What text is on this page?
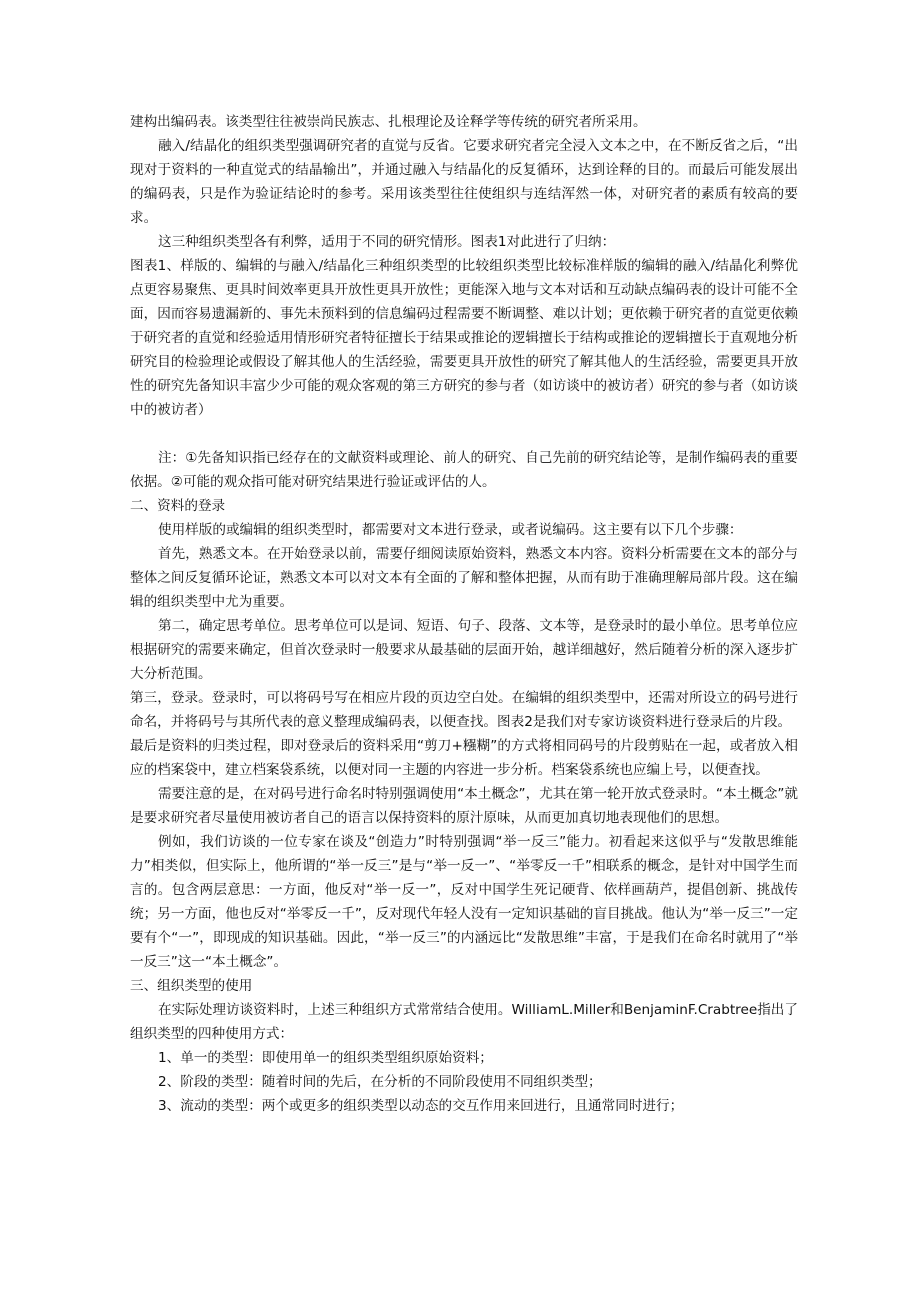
建构出编码表。该类型往往被崇尚民族志、扎根理论及诠释学等传统的研究者所采用。

融入/结晶化的组织类型强调研究者的直觉与反省。它要求研究者完全浸入文本之中，在不断反省之后，“出现对于资料的一种直觉式的结晶输出”，并通过融入与结晶化的反复循环，达到诠释的目的。而最后可能发展出的编码表，只是作为验证结论时的参考。采用该类型往往使组织与连结浑然一体，对研究者的素质有较高的要求。

这三种组织类型各有利弊，适用于不同的研究情形。图表1对此进行了归纳：

图表1、样版的、编辑的与融入/结晶化三种组织类型的比较组织类型比较标准样版的编辑的融入/结晶化利弊优点更容易聚焦、更具时间效率更具开放性更具开放性；更能深入地与文本对话和互动缺点编码表的设计可能不全面，因而容易遗漏新的、事先未预料到的信息编码过程需要不断调整、难以计划；更依赖于研究者的直觉更依赖于研究者的直觉和经验适用情形研究者特征擅长于结果或推论的逻辑擅长于结构或推论的逻辑擅长于直观地分析研究目的检验理论或假设了解其他人的生活经验，需要更具开放性的研究了解其他人的生活经验，需要更具开放性的研究先备知识丰富少少可能的观众客观的第三方研究的参与者（如访谈中的被访者）研究的参与者（如访谈中的被访者）

注：①先备知识指已经存在的文献资料或理论、前人的研究、自己先前的研究结论等，是制作编码表的重要依据。②可能的观众指可能对研究结果进行验证或评估的人。

二、资料的登录

使用样版的或编辑的组织类型时，都需要对文本进行登录，或者说编码。这主要有以下几个步骤：

首先，熟悉文本。在开始登录以前，需要仔细阅读原始资料，熟悉文本内容。资料分析需要在文本的部分与整体之间反复循环论证，熟悉文本可以对文本有全面的了解和整体把握，从而有助于准确理解局部片段。这在编辑的组织类型中尤为重要。

第二，确定思考单位。思考单位可以是词、短语、句子、段落、文本等，是登录时的最小单位。思考单位应根据研究的需要来确定，但首次登录时一般要求从最基础的层面开始，越详细越好，然后随着分析的深入逐步扩大分析范围。

第三，登录。登录时，可以将码号写在相应片段的页边空白处。在编辑的组织类型中，还需对所设立的码号进行命名，并将码号与其所代表的意义整理成编码表，以便查找。图表2是我们对专家访谈资料进行登录后的片段。

最后是资料的归类过程，即对登录后的资料采用“剪刀+糨糊”的方式将相同码号的片段剪贴在一起，或者放入相应的档案袋中，建立档案袋系统，以便对同一主题的内容进一步分析。档案袋系统也应编上号，以便查找。

需要注意的是，在对码号进行命名时特别强调使用“本土概念”，尤其在第一轮开放式登录时。“本土概念”就是要求研究者尽量使用被访者自己的语言以保持资料的原汁原味，从而更加真切地表现他们的思想。

例如，我们访谈的一位专家在谈及“创造力”时特别强调“举一反三”能力。初看起来这似乎与“发散思维能力”相类似，但实际上，他所谓的“举一反三”是与“举一反一”、“举零反一千”相联系的概念，是针对中国学生而言的。包含两层意思：一方面，他反对“举一反一”，反对中国学生死记硬背、依样画葫芦，提倡创新、挑战传统；另一方面，他也反对“举零反一千”，反对现代年轻人没有一定知识基础的盲目挑战。他认为“举一反三”一定要有个“一”，即现成的知识基础。因此，“举一反三”的内涵远比“发散思维”丰富，于是我们在命名时就用了“举一反三”这一“本土概念”。

三、组织类型的使用

在实际处理访谈资料时，上述三种组织方式常常结合使用。WilliamL.Miller和BenjaminF.Crabtree指出了组织类型的四种使用方式：

1、单一的类型：即使用单一的组织类型组织原始资料；

2、阶段的类型：随着时间的先后，在分析的不同阶段使用不同组织类型；

3、流动的类型：两个或更多的组织类型以动态的交互作用来回进行，且通常同时进行；
